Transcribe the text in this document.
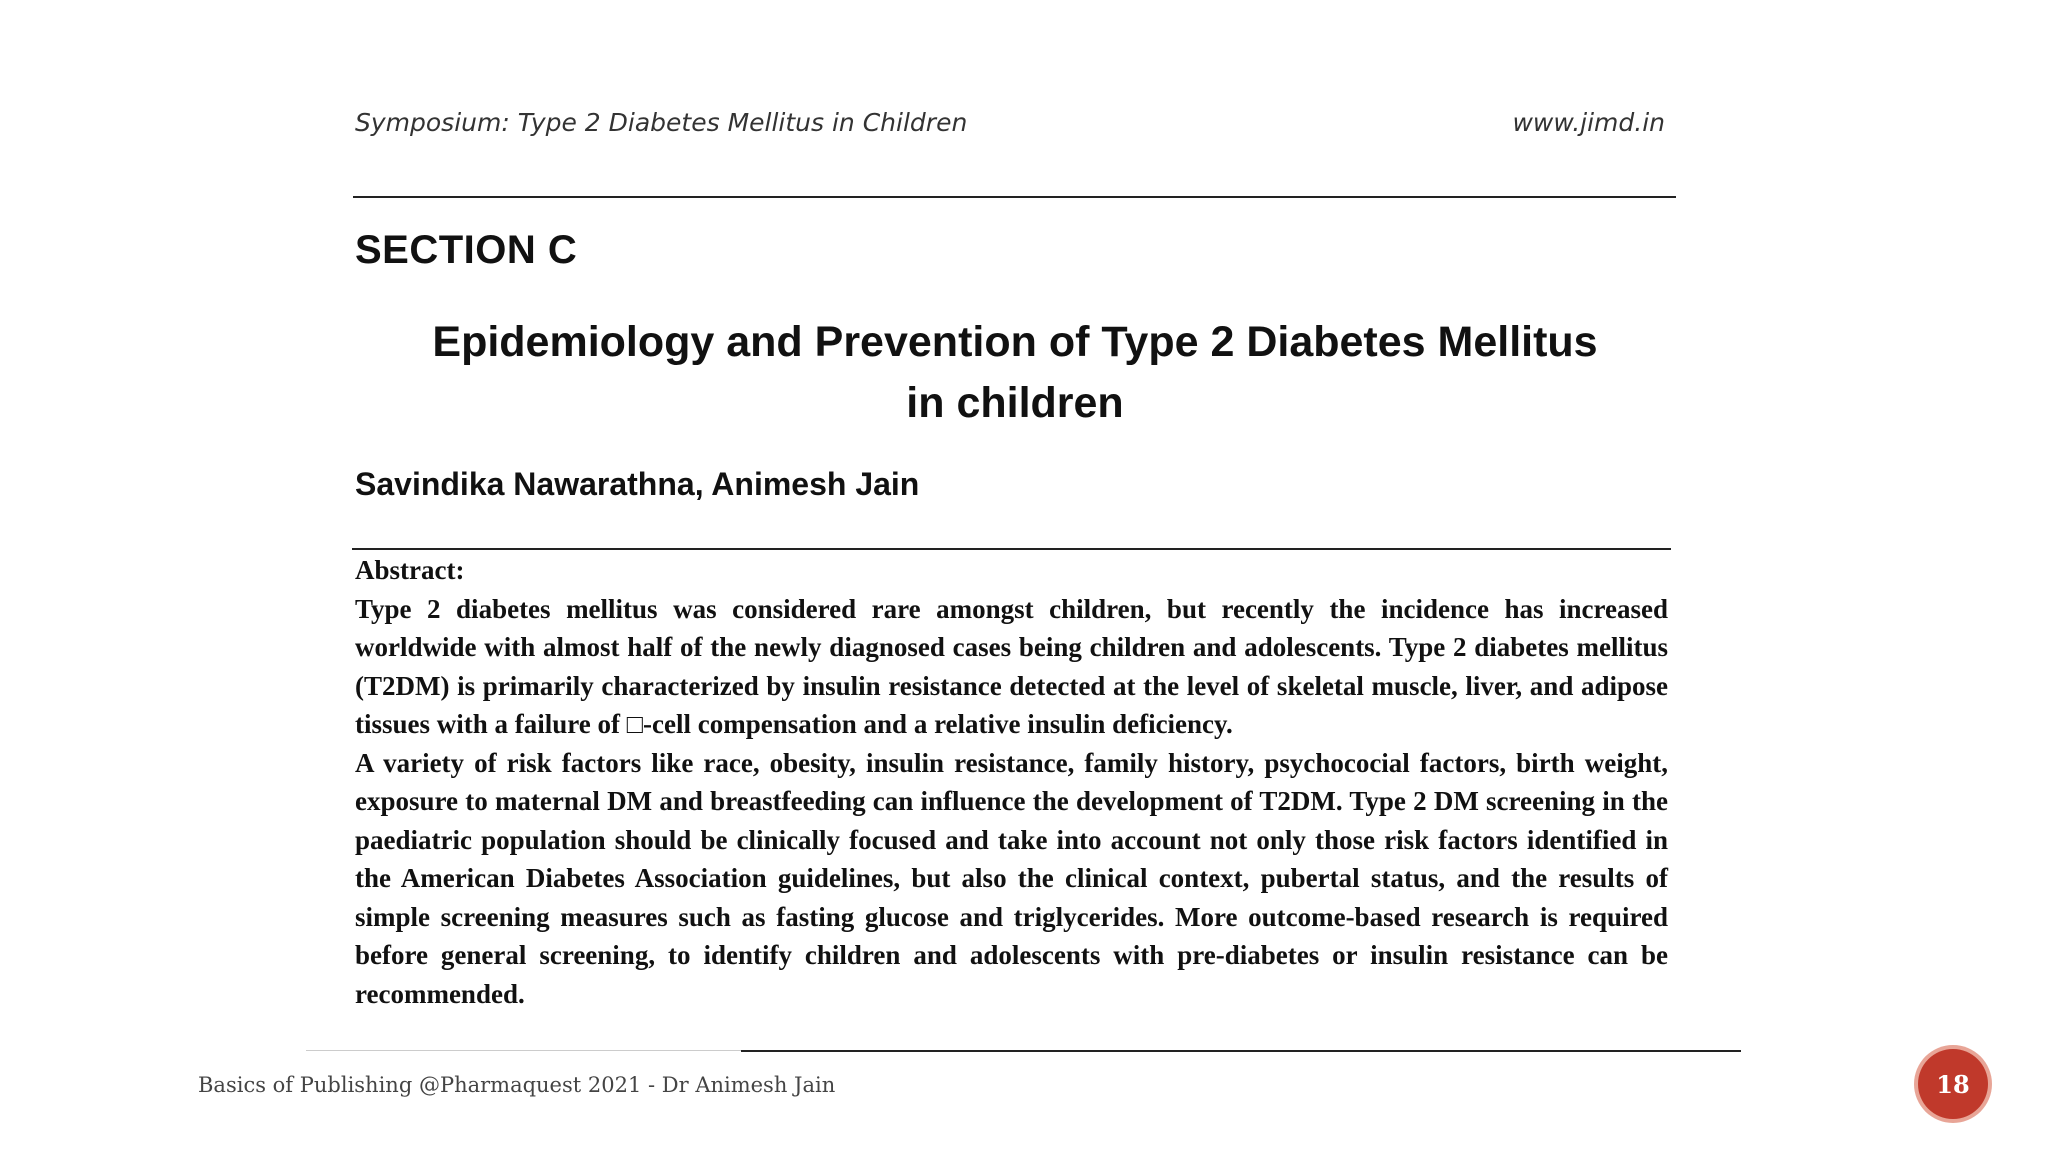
Symposium: Type 2 Diabetes Mellitus in Children	www.jimd.in
SECTION C
Epidemiology and Prevention of Type 2 Diabetes Mellitus
in children
Savindika Nawarathna, Animesh Jain
Abstract:

Type 2 diabetes mellitus was considered rare amongst children, but recently the incidence has increased worldwide with almost half of the newly diagnosed cases being children and adolescents. Type 2 diabetes mellitus (T2DM) is primarily characterized by insulin resistance detected at the level of skeletal muscle, liver, and adipose tissues with a failure of □-cell compensation and a relative insulin deficiency.

A variety of risk factors like race, obesity, insulin resistance, family history, psychococial factors, birth weight, exposure to maternal DM and breastfeeding can influence the development of T2DM. Type 2 DM screening in the paediatric population should be clinically focused and take into account not only those risk factors identified in the American Diabetes Association guidelines, but also the clinical context, pubertal status, and the results of simple screening measures such as fasting glucose and triglycerides. More outcome-based research is required before general screening, to identify children and adolescents with pre-diabetes or insulin resistance can be recommended.

Basics of Publishing @Pharmaquest 2021 - Dr Animesh Jain	18
